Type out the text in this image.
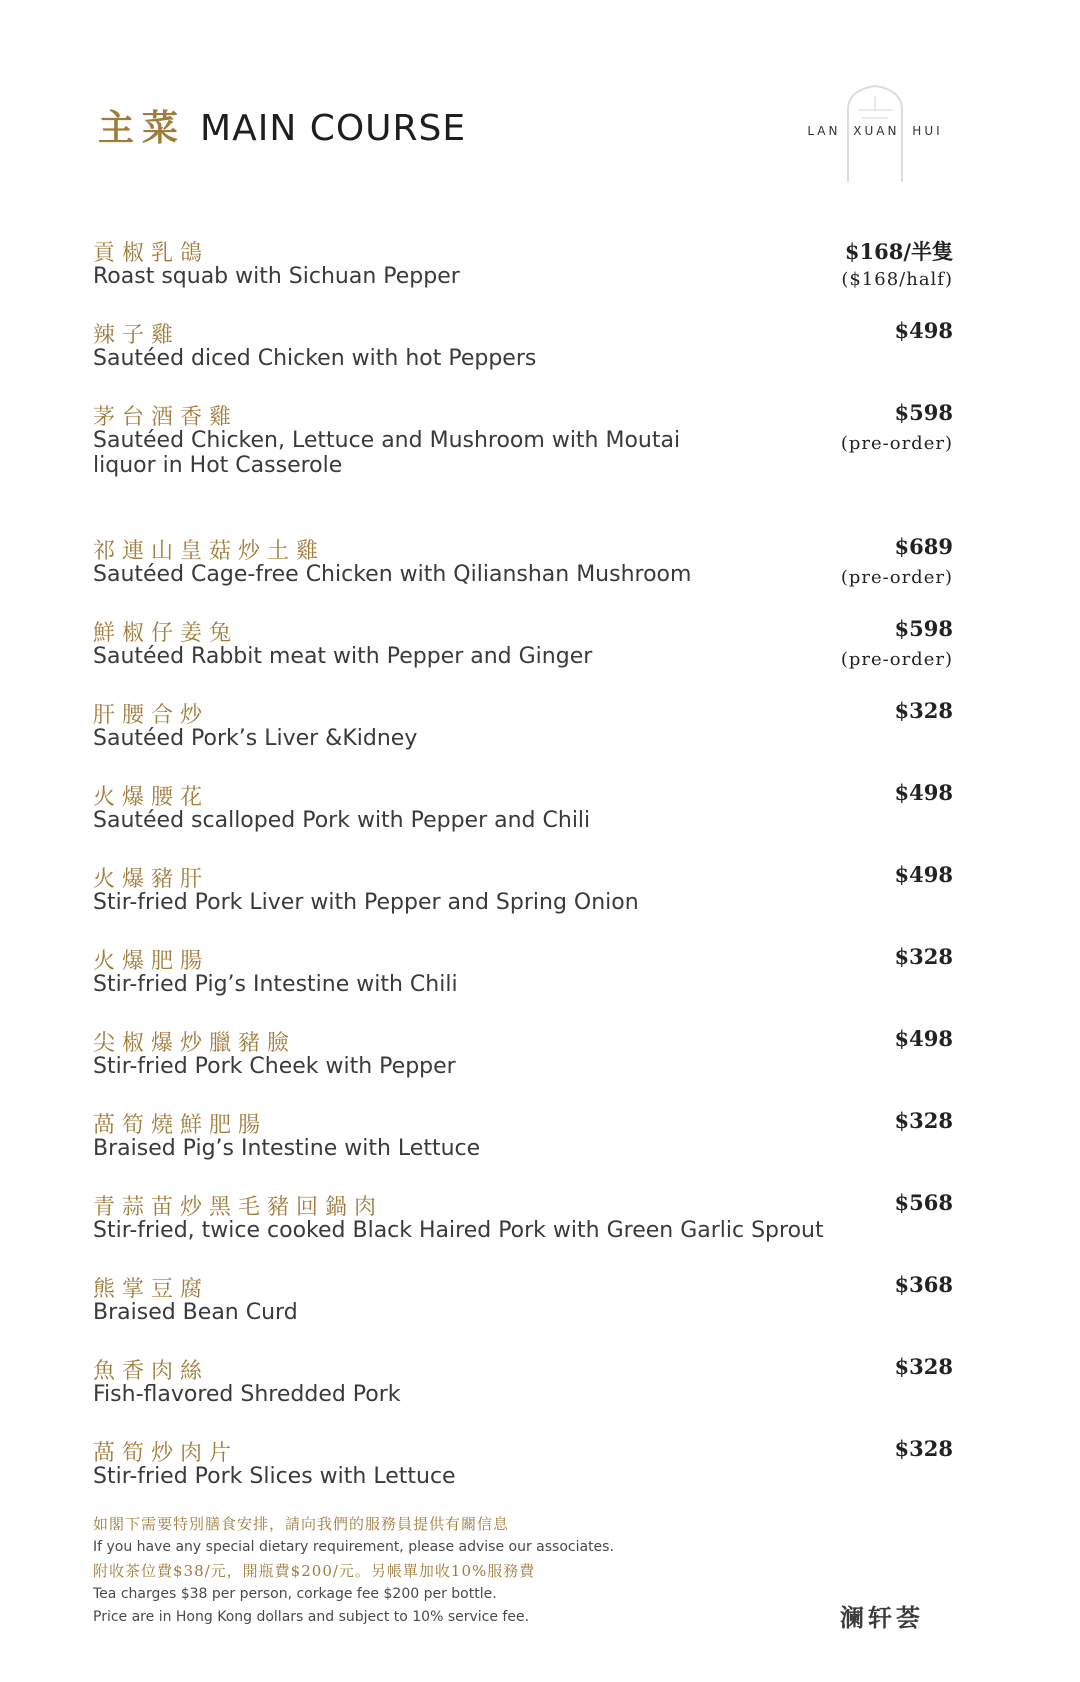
主菜 MAIN COURSE	LAN XUAN HUI
貢椒乳鴿
Roast squab with Sichuan Pepper
$168/半隻
($168/half)
辣子雞
Sautéed diced Chicken with hot Peppers
$498
茅台酒香雞
Sautéed Chicken, Lettuce and Mushroom with Moutai liquor in Hot Casserole
$598
(pre-order)
祁連山皇菇炒土雞
Sautéed Cage-free Chicken with Qilianshan Mushroom
$689
(pre-order)
鮮椒仔姜兔
Sautéed Rabbit meat with Pepper and Ginger
$598
(pre-order)
肝腰合炒
Sautéed Pork’s Liver &Kidney
$328
火爆腰花
Sautéed scalloped Pork with Pepper and Chili
$498
火爆豬肝
Stir-fried Pork Liver with Pepper and Spring Onion
$498
火爆肥腸
Stir-fried Pig’s Intestine with Chili
$328
尖椒爆炒臘豬臉
Stir-fried Pork Cheek with Pepper
$498
萵筍燒鮮肥腸
Braised Pig’s Intestine with Lettuce
$328
青蒜苗炒黑毛豬回鍋肉
Stir-fried, twice cooked Black Haired Pork with Green Garlic Sprout
$568
熊掌豆腐
Braised Bean Curd
$368
魚香肉絲
Fish-flavored Shredded Pork
$328
萵筍炒肉片
Stir-fried Pork Slices with Lettuce
$328
如閣下需要特別膳食安排，請向我們的服務員提供有關信息
If you have any special dietary requirement, please advise our associates.
附收茶位費$38/元，開瓶費$200/元。另帳單加收10%服務費
Tea charges $38 per person, corkage fee $200 per bottle.
Price are in Hong Kong dollars and subject to 10% service fee.	澜轩荟
